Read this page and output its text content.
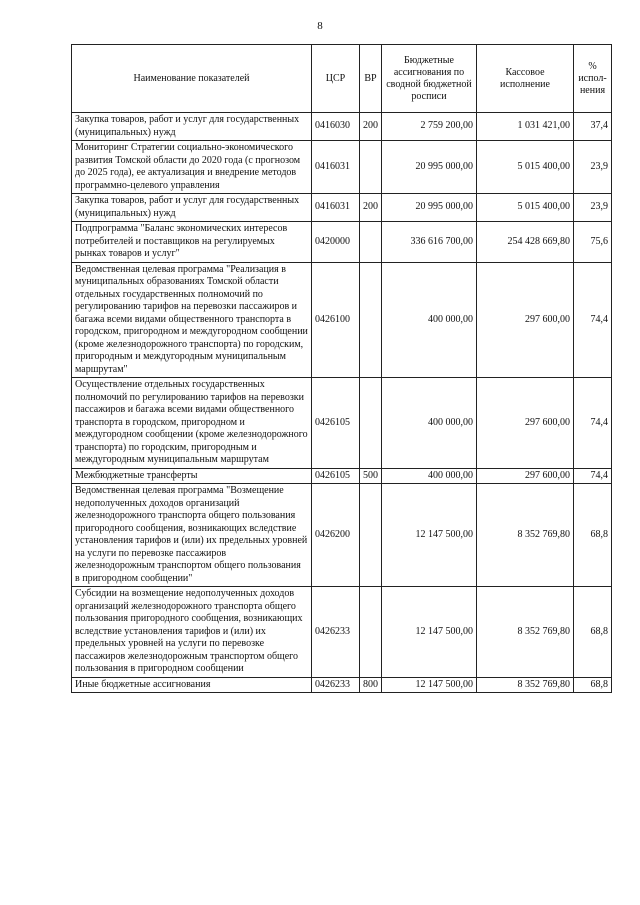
8
Наименование показателей	ЦСР	ВР	Бюджетные ассигнования по сводной бюджетной росписи	Кассовое исполнение	% испол-нения
Закупка товаров, работ и услуг для государственных (муниципальных) нужд	0416030	200	2 759 200,00	1 031 421,00	37,4
Мониторинг Стратегии социально-экономического развития Томской области до 2020 года (с прогнозом до 2025 года), ее актуализация и внедрение методов программно-целевого управления	0416031		20 995 000,00	5 015 400,00	23,9
Закупка товаров, работ и услуг для государственных (муниципальных) нужд	0416031	200	20 995 000,00	5 015 400,00	23,9
Подпрограмма "Баланс экономических интересов потребителей и поставщиков на регулируемых рынках товаров и услуг"	0420000		336 616 700,00	254 428 669,80	75,6
Ведомственная целевая программа "Реализация в муниципальных образованиях Томской области отдельных государственных полномочий по регулированию тарифов на перевозки пассажиров и багажа всеми видами общественного транспорта в городском, пригородном и междугородном сообщении (кроме железнодорожного транспорта) по городским, пригородным и междугородным муниципальным маршрутам"	0426100		400 000,00	297 600,00	74,4
Осуществление отдельных государственных полномочий по регулированию тарифов на перевозки пассажиров и багажа всеми видами общественного транспорта в городском, пригородном и междугородном сообщении (кроме железнодорожного транспорта) по городским, пригородным и междугородным муниципальным маршрутам	0426105		400 000,00	297 600,00	74,4
Межбюджетные трансферты	0426105	500	400 000,00	297 600,00	74,4
Ведомственная целевая программа "Возмещение недополученных доходов организаций железнодорожного транспорта общего пользования пригородного сообщения, возникающих вследствие установления тарифов и (или) их предельных уровней на услуги по перевозке пассажиров железнодорожным транспортом общего пользования в пригородном сообщении"	0426200		12 147 500,00	8 352 769,80	68,8
Субсидии на возмещение недополученных доходов организаций железнодорожного транспорта общего пользования пригородного сообщения, возникающих вследствие установления тарифов и (или) их предельных уровней на услуги по перевозке пассажиров железнодорожным транспортом общего пользования в пригородном сообщении	0426233		12 147 500,00	8 352 769,80	68,8
Иные бюджетные ассигнования	0426233	800	12 147 500,00	8 352 769,80	68,8
